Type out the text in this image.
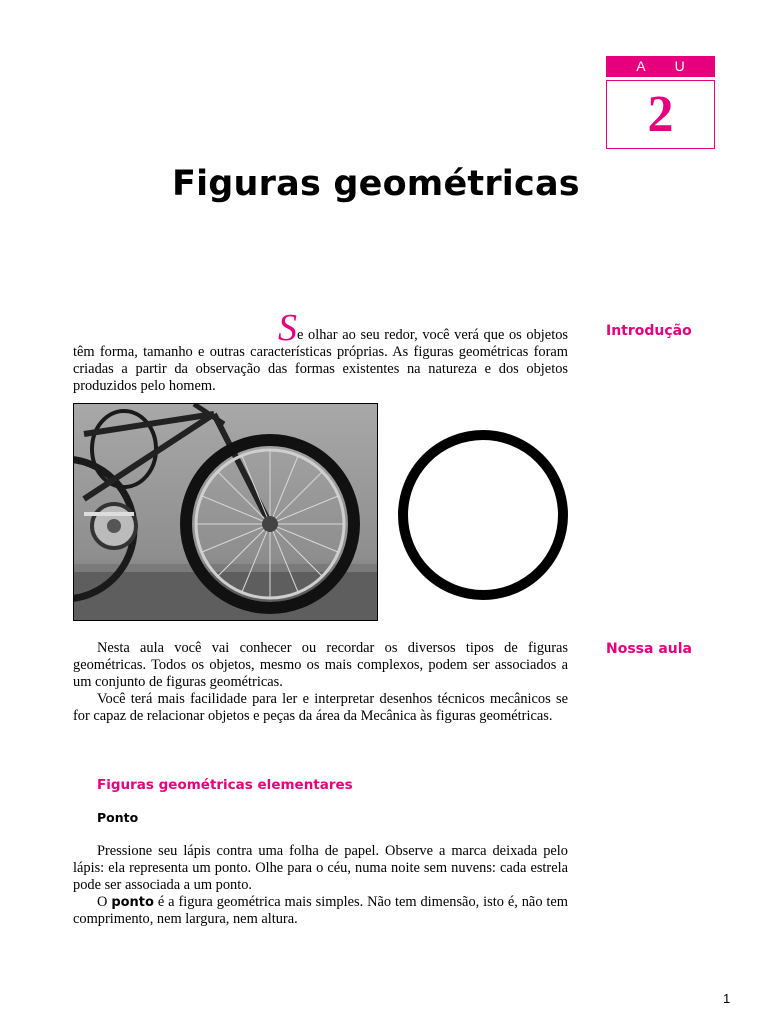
A U L A
2
Figuras geométricas
Introdução
Nossa aula

Se olhar ao seu redor, você verá que os objetos têm forma, tamanho e outras características próprias. As figuras geométricas foram criadas a partir da observação das formas existentes na natureza e dos objetos produzidos pelo homem.

Nesta aula você vai conhecer ou recordar os diversos tipos de figuras geométricas. Todos os objetos, mesmo os mais complexos, podem ser associados a um conjunto de figuras geométricas.

Você terá mais facilidade para ler e interpretar desenhos técnicos mecânicos se for capaz de relacionar objetos e peças da área da Mecânica às figuras geométricas.

Figuras geométricas elementares
Ponto

Pressione seu lápis contra uma folha de papel. Observe a marca deixada pelo lápis: ela representa um ponto. Olhe para o céu, numa noite sem nuvens: cada estrela pode ser associada a um ponto.

O ponto é a figura geométrica mais simples. Não tem dimensão, isto é, não tem comprimento, nem largura, nem altura.

1
